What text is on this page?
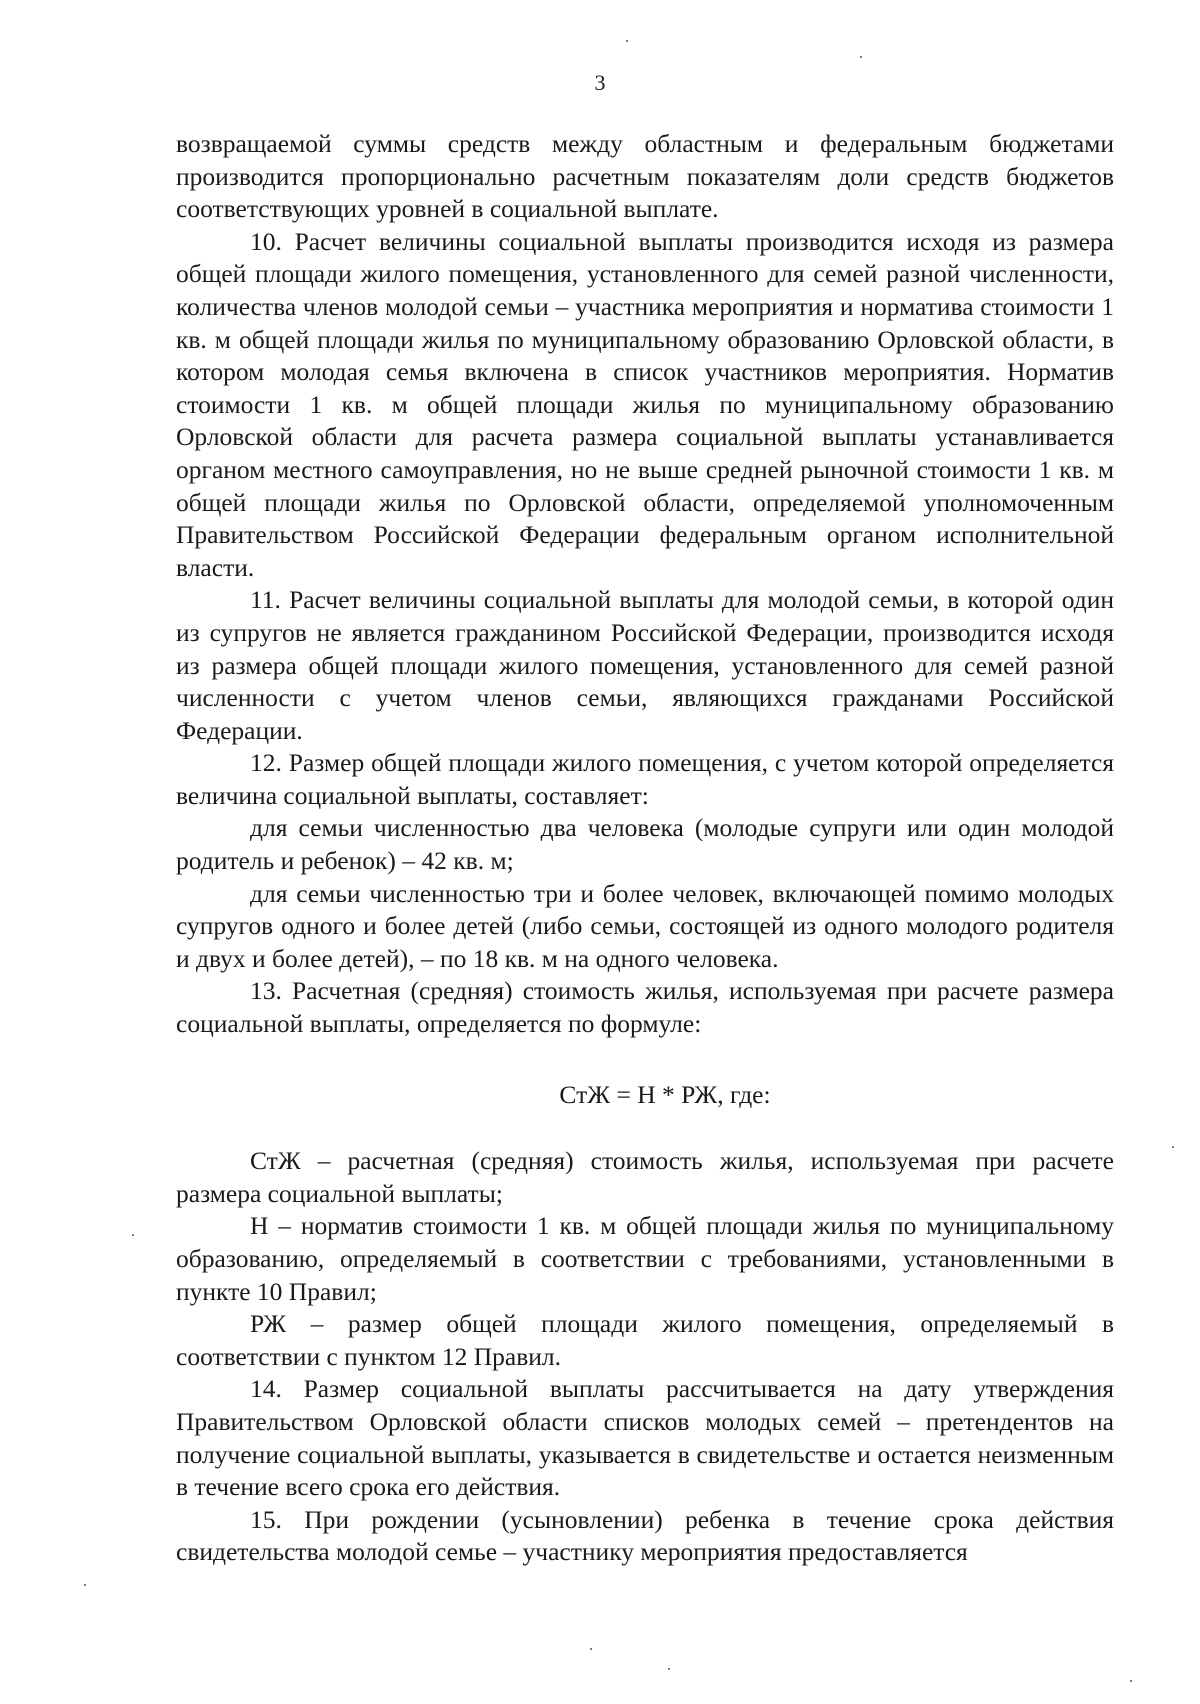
3

возвращаемой суммы средств между областным и федеральным бюджетами производится пропорционально расчетным показателям доли средств бюджетов соответствующих уровней в социальной выплате.

10. Расчет величины социальной выплаты производится исходя из размера общей площади жилого помещения, установленного для семей разной численности, количества членов молодой семьи – участника мероприятия и норматива стоимости 1 кв. м общей площади жилья по муниципальному образованию Орловской области, в котором молодая семья включена в список участников мероприятия. Норматив стоимости 1 кв. м общей площади жилья по муниципальному образованию Орловской области для расчета размера социальной выплаты устанавливается органом местного самоуправления, но не выше средней рыночной стоимости 1 кв. м общей площади жилья по Орловской области, определяемой уполномоченным Правительством Российской Федерации федеральным органом исполнительной власти.

11. Расчет величины социальной выплаты для молодой семьи, в которой один из супругов не является гражданином Российской Федерации, производится исходя из размера общей площади жилого помещения, установленного для семей разной численности с учетом членов семьи, являющихся гражданами Российской Федерации.

12. Размер общей площади жилого помещения, с учетом которой определяется величина социальной выплаты, составляет:

для семьи численностью два человека (молодые супруги или один молодой родитель и ребенок) – 42 кв. м;

для семьи численностью три и более человек, включающей помимо молодых супругов одного и более детей (либо семьи, состоящей из одного молодого родителя и двух и более детей), – по 18 кв. м на одного человека.

13. Расчетная (средняя) стоимость жилья, используемая при расчете размера социальной выплаты, определяется по формуле:

СтЖ = Н * РЖ, где:

СтЖ – расчетная (средняя) стоимость жилья, используемая при расчете размера социальной выплаты;

Н – норматив стоимости 1 кв. м общей площади жилья по муниципальному образованию, определяемый в соответствии с требованиями, установленными в пункте 10 Правил;

РЖ – размер общей площади жилого помещения, определяемый в соответствии с пунктом 12 Правил.

14. Размер социальной выплаты рассчитывается на дату утверждения Правительством Орловской области списков молодых семей – претендентов на получение социальной выплаты, указывается в свидетельстве и остается неизменным в течение всего срока его действия.

15. При рождении (усыновлении) ребенка в течение срока действия свидетельства молодой семье – участнику мероприятия предоставляется
